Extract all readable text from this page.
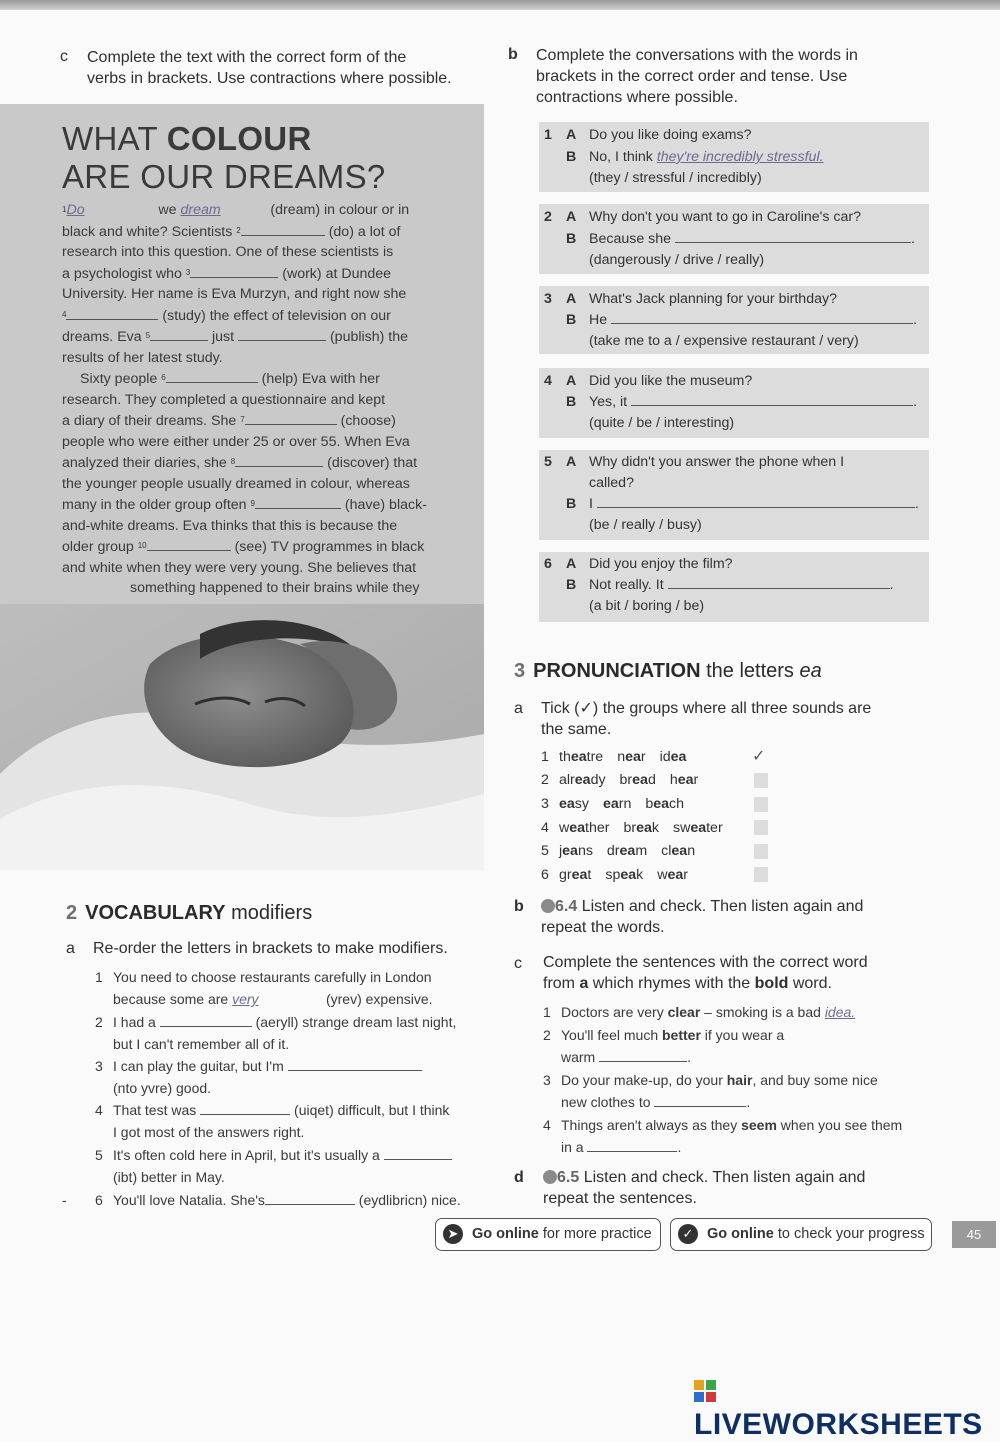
c Complete the text with the correct form of the
verbs in brackets. Use contractions where possible.
WHAT COLOUR
ARE OUR DREAMS?

$^1$Do	we dream	(dream) in colour or in

black and white? Scientists $^2$	(do) a lot of

research into this question. One of these scientists is

a psychologist who $^3$	(work) at Dundee

University. Her name is Eva Murzyn, and right now she

$^4$	(study) the effect of television on our

dreams. Eva $^5$	just	(publish) the

results of her latest study.

Sixty people $^6$	(help) Eva with her

research. They completed a questionnaire and kept

a diary of their dreams. She $^7$	(choose)

people who were either under 25 or over 55. When Eva

analyzed their diaries, she $^8$	(discover) that

the younger people usually dreamed in colour, whereas

many in the older group often $^9$	(have) black-

and-white dreams. Eva thinks that this is because the

older group $^{10}$	(see) TV programmes in black

and white when they were very young. She believes that

something happened to their brains while they

2 VOCABULARY modifiers
a Re-order the letters in brackets to make modifiers.
1 You need to choose restaurants carefully in London
because some are very	(yrev) expensive.
2 I had a	(aeryll) strange dream last night,
but I can't remember all of it.
3 I can play the guitar, but I'm
(nto yvre) good.
4 That test was	(uiqet) difficult, but I think
I got most of the answers right.
5 It's often cold here in April, but it's usually a
(ibt) better in May.
- 6 You'll love Natalia. She's	(eydlibricn) nice.
b Complete the conversations with the words in
brackets in the correct order and tense. Use
contractions where possible.
1 A Do you like doing exams?
B No, I think they're incredibly stressful.
(they / stressful / incredibly)
2 A Why don't you want to go in Caroline's car?
B Because she	.
(dangerously / drive / really)
3 A What's Jack planning for your birthday?
B He	.
(take me to a / expensive restaurant / very)
4 A Did you like the museum?
B Yes, it	.
(quite / be / interesting)
5 A Why didn't you answer the phone when I
called?
B I	.
(be / really / busy)
6 A Did you enjoy the film?
B Not really. It	.
(a bit / boring / be)
3 PRONUNCIATION the letters ea
a Tick (✓) the groups where all three sounds are
the same.
1 theatre near idea	✓
2 already bread hear
3 easy earn beach
4 weather break sweater
5 jeans dream clean
6 great speak wear
b	6.4 Listen and check. Then listen again and
repeat the words.
c Complete the sentences with the correct word
from a which rhymes with the bold word.
1 Doctors are very clear – smoking is a bad idea.
2 You'll feel much better if you wear a
warm	.
3 Do your make-up, do your hair, and buy some nice
new clothes to	.
4 Things aren't always as they seem when you see them
in a	.
d	6.5 Listen and check. Then listen again and
repeat the sentences.
➤ Go online for more practice	✓ Go online to check your progress	45
LIVEWORKSHEETS
